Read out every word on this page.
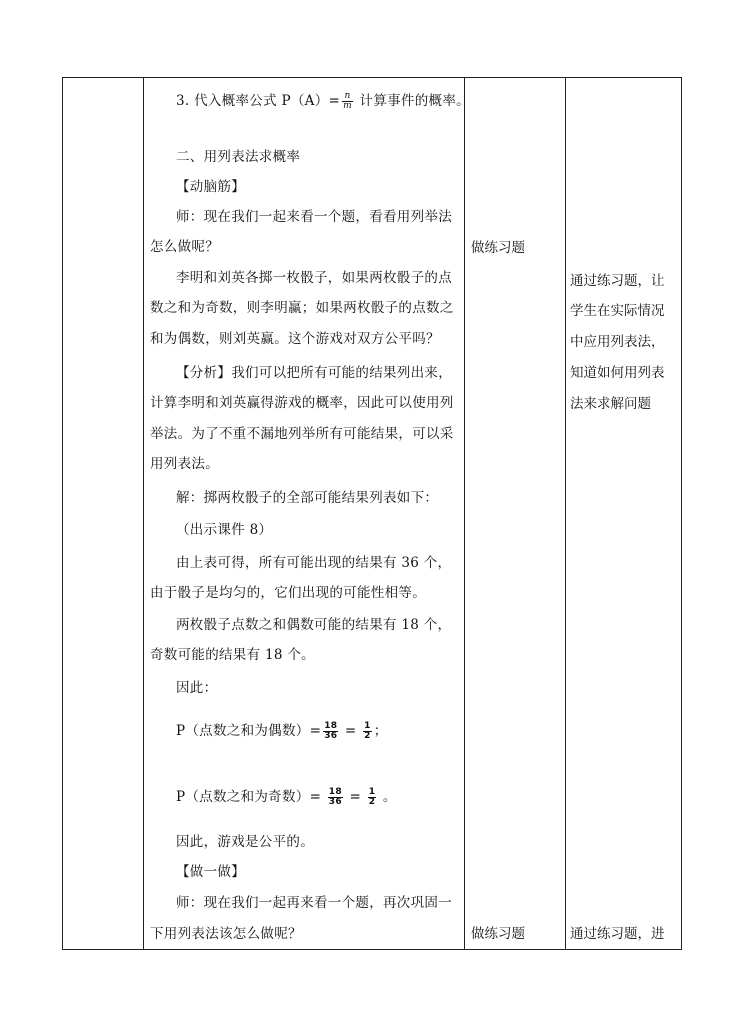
3. 代入概率公式 $P(A)= \frac{n}{m}$ 计算事件的概率。
二、用列表法求概率
【动脑筋】
师：现在我们一起来看一个题，看看用列举法
怎么做呢？
李明和刘英各掷一枚骰子，如果两枚骰子的点
数之和为奇数，则李明赢；如果两枚骰子的点数之
和为偶数，则刘英赢。这个游戏对双方公平吗？
【分析】我们可以把所有可能的结果列出来，
计算李明和刘英赢得游戏的概率，因此可以使用列
举法。为了不重不漏地列举所有可能结果，可以采
用列表法。
解：掷两枚骰子的全部可能结果列表如下：
（出示课件 8）
由上表可得，所有可能出现的结果有 36 个，
由于骰子是均匀的，它们出现的可能性相等。
两枚骰子点数之和偶数可能的结果有 18 个，
奇数可能的结果有 18 个。
因此：
P（点数之和为偶数）= $\frac{18}{36} = \frac{1}{2}$ ；
P（点数之和为奇数）= $\frac{18}{36} = \frac{1}{2}$ 。
因此，游戏是公平的。
【做一做】
师：现在我们一起再来看一个题，再次巩固一
下用列表法该怎么做呢？
做练习题
做练习题
通过练习题，让
学生在实际情况
中应用列表法，
知道如何用列表
法来求解问题
通过练习题，进
